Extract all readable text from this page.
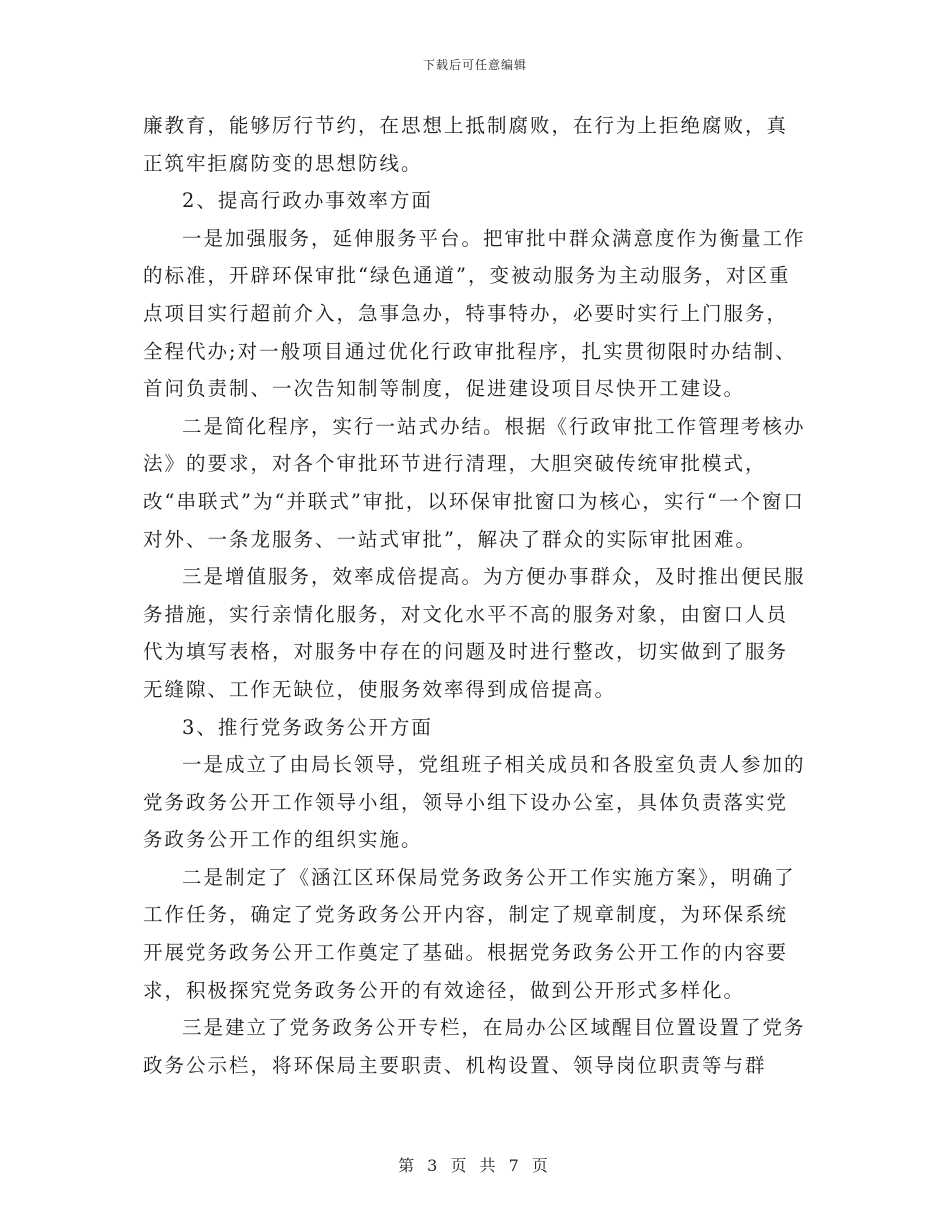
下载后可任意编辑

廉教育，能够厉行节约，在思想上抵制腐败，在行为上拒绝腐败，真正筑牢拒腐防变的思想防线。

2、提高行政办事效率方面

一是加强服务，延伸服务平台。把审批中群众满意度作为衡量工作的标准，开辟环保审批“绿色通道”，变被动服务为主动服务，对区重点项目实行超前介入，急事急办，特事特办，必要时实行上门服务，全程代办;对一般项目通过优化行政审批程序，扎实贯彻限时办结制、首问负责制、一次告知制等制度，促进建设项目尽快开工建设。

二是简化程序，实行一站式办结。根据《行政审批工作管理考核办法》的要求，对各个审批环节进行清理，大胆突破传统审批模式，改“串联式”为“并联式”审批，以环保审批窗口为核心，实行“一个窗口对外、一条龙服务、一站式审批”，解决了群众的实际审批困难。

三是增值服务，效率成倍提高。为方便办事群众，及时推出便民服务措施，实行亲情化服务，对文化水平不高的服务对象，由窗口人员代为填写表格，对服务中存在的问题及时进行整改，切实做到了服务无缝隙、工作无缺位，使服务效率得到成倍提高。

3、推行党务政务公开方面

一是成立了由局长领导，党组班子相关成员和各股室负责人参加的党务政务公开工作领导小组，领导小组下设办公室，具体负责落实党务政务公开工作的组织实施。

二是制定了《涵江区环保局党务政务公开工作实施方案》，明确了工作任务，确定了党务政务公开内容，制定了规章制度，为环保系统开展党务政务公开工作奠定了基础。根据党务政务公开工作的内容要求，积极探究党务政务公开的有效途径，做到公开形式多样化。

三是建立了党务政务公开专栏，在局办公区域醒目位置设置了党务政务公示栏，将环保局主要职责、机构设置、领导岗位职责等与群

第 3 页 共 7 页
